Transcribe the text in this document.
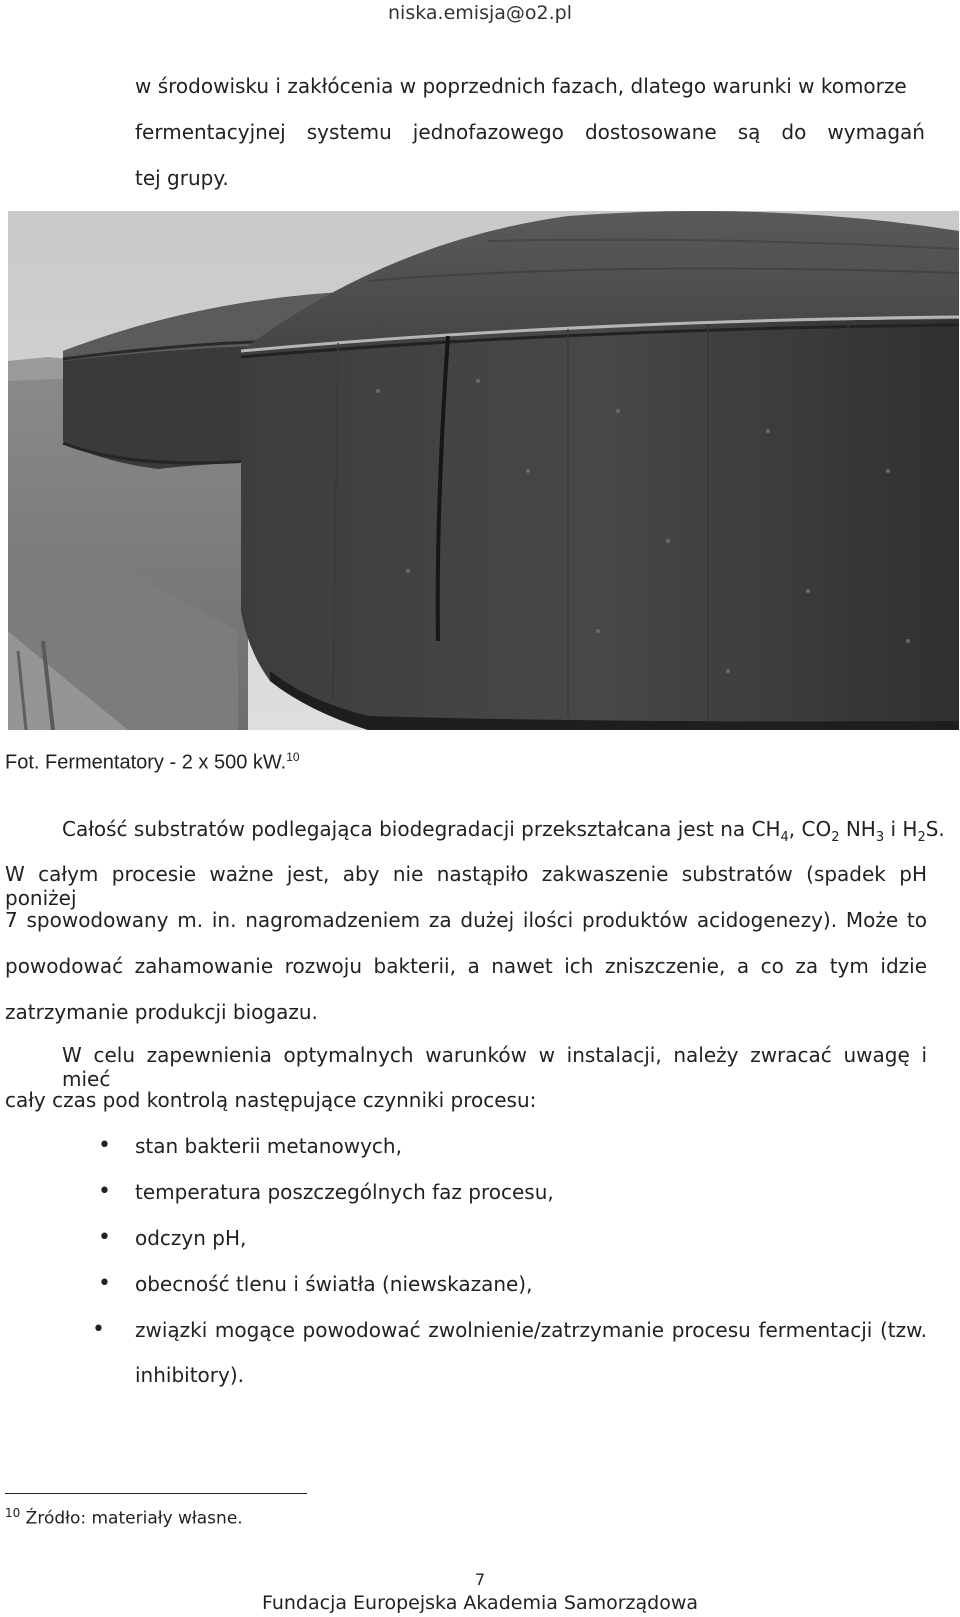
niska.emisja@o2.pl
w środowisku i zakłócenia w poprzednich fazach, dlatego warunki w komorze
fermentacyjnej systemu jednofazowego dostosowane są do wymagań
tej grupy.
Fot. Fermentatory - 2 x 500 kW.$^{10}$
Całość substratów podlegająca biodegradacji przekształcana jest na $CH_4$, $CO_2$ $NH_3$ i $H_2S$.
W całym procesie ważne jest, aby nie nastąpiło zakwaszenie substratów (spadek pH poniżej
7 spowodowany m. in. nagromadzeniem za dużej ilości produktów acidogenezy). Może to
powodować zahamowanie rozwoju bakterii, a nawet ich zniszczenie, a co za tym idzie
zatrzymanie produkcji biogazu.
W celu zapewnienia optymalnych warunków w instalacji, należy zwracać uwagę i mieć
cały czas pod kontrolą następujące czynniki procesu:
• stan bakterii metanowych,
• temperatura poszczególnych faz procesu,
• odczyn pH,
• obecność tlenu i światła (niewskazane),
• związki mogące powodować zwolnienie/zatrzymanie procesu fermentacji (tzw.
inhibitory).
$^{10}$ Źródło: materiały własne.
7
Fundacja Europejska Akademia Samorządowa
